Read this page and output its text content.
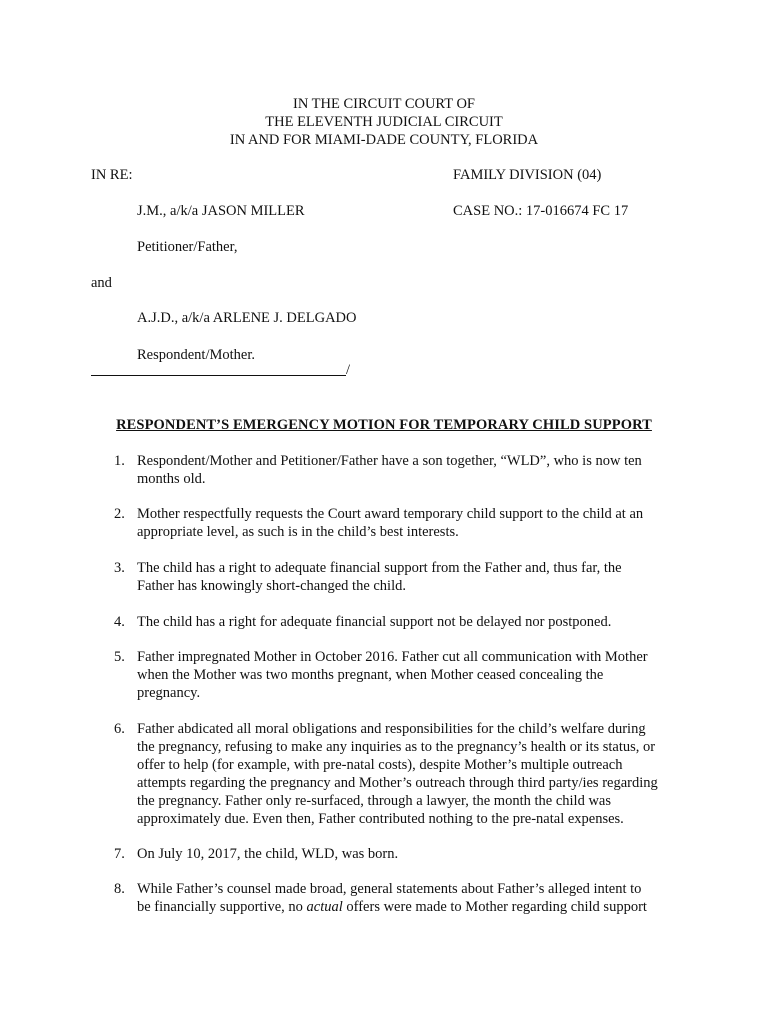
IN THE CIRCUIT COURT OF
THE ELEVENTH JUDICIAL CIRCUIT
IN AND FOR MIAMI-DADE COUNTY, FLORIDA
IN RE:	FAMILY DIVISION (04)
J.M., a/k/a JASON MILLER	CASE NO.: 17-016674 FC 17
Petitioner/Father,
and
A.J.D., a/k/a ARLENE J. DELGADO
Respondent/Mother.
/
RESPONDENT’S EMERGENCY MOTION FOR TEMPORARY CHILD SUPPORT
1. Respondent/Mother and Petitioner/Father have a son together, “WLD”, who is now ten
months old.
2. Mother respectfully requests the Court award temporary child support to the child at an
appropriate level, as such is in the child’s best interests.
3. The child has a right to adequate financial support from the Father and, thus far, the
Father has knowingly short-changed the child.
4. The child has a right for adequate financial support not be delayed nor postponed.
5. Father impregnated Mother in October 2016. Father cut all communication with Mother
when the Mother was two months pregnant, when Mother ceased concealing the
pregnancy.
6. Father abdicated all moral obligations and responsibilities for the child’s welfare during
the pregnancy, refusing to make any inquiries as to the pregnancy’s health or its status, or
offer to help (for example, with pre-natal costs), despite Mother’s multiple outreach
attempts regarding the pregnancy and Mother’s outreach through third party/ies regarding
the pregnancy. Father only re-surfaced, through a lawyer, the month the child was
approximately due. Even then, Father contributed nothing to the pre-natal expenses.
7. On July 10, 2017, the child, WLD, was born.
8. While Father’s counsel made broad, general statements about Father’s alleged intent to
be financially supportive, no actual offers were made to Mother regarding child support
